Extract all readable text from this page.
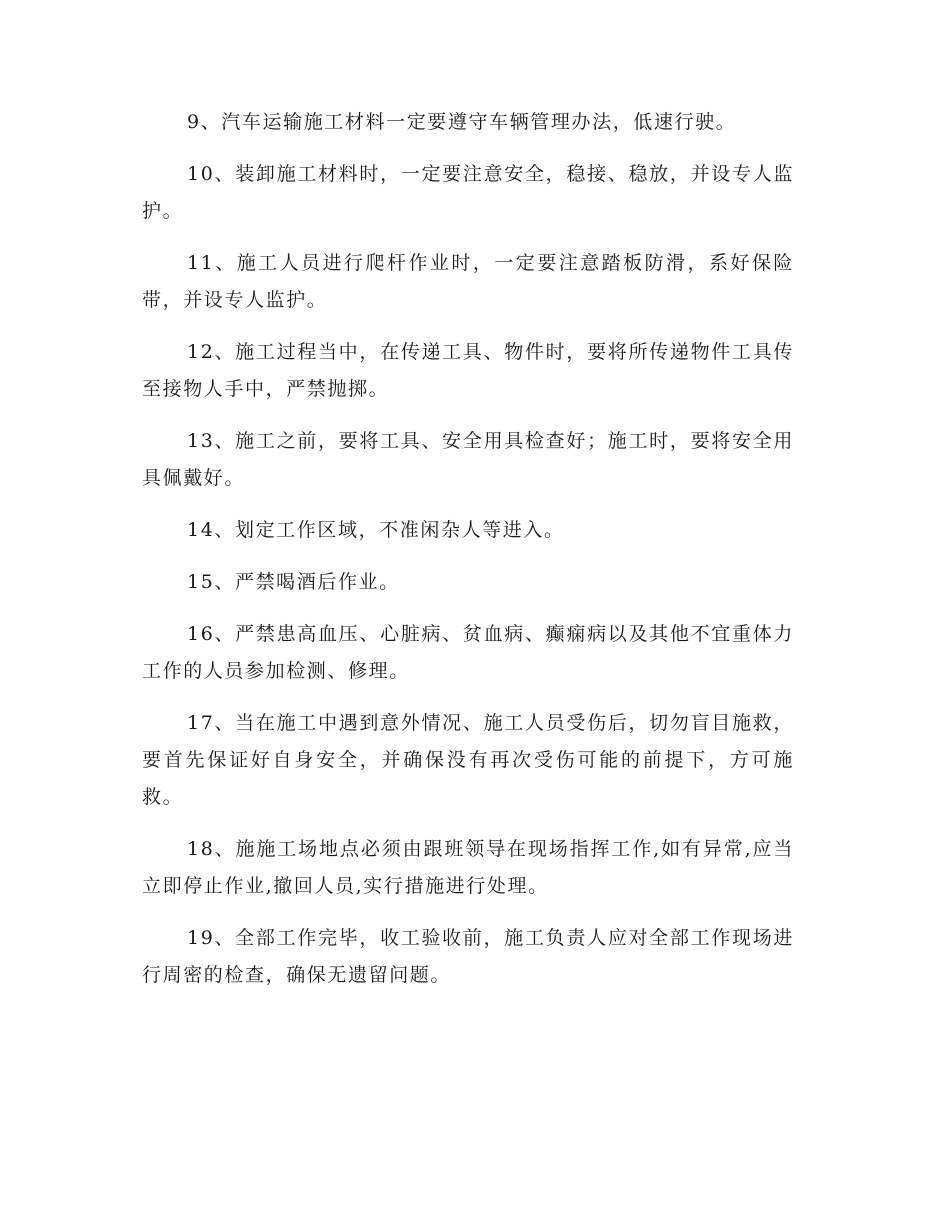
9、汽车运输施工材料一定要遵守车辆管理办法，低速行驶。

10、装卸施工材料时，一定要注意安全，稳接、稳放，并设专人监护。

11、施工人员进行爬杆作业时，一定要注意踏板防滑，系好保险带，并设专人监护。

12、施工过程当中，在传递工具、物件时，要将所传递物件工具传至接物人手中，严禁抛掷。

13、施工之前，要将工具、安全用具检查好；施工时，要将安全用具佩戴好。

14、划定工作区域，不准闲杂人等进入。

15、严禁喝酒后作业。

16、严禁患高血压、心脏病、贫血病、癫痫病以及其他不宜重体力工作的人员参加检测、修理。

17、当在施工中遇到意外情况、施工人员受伤后，切勿盲目施救，要首先保证好自身安全，并确保没有再次受伤可能的前提下，方可施救。

18、施施工场地点必须由跟班领导在现场指挥工作,如有异常,应当立即停止作业,撤回人员,实行措施进行处理。

19、全部工作完毕，收工验收前，施工负责人应对全部工作现场进行周密的检查，确保无遗留问题。
